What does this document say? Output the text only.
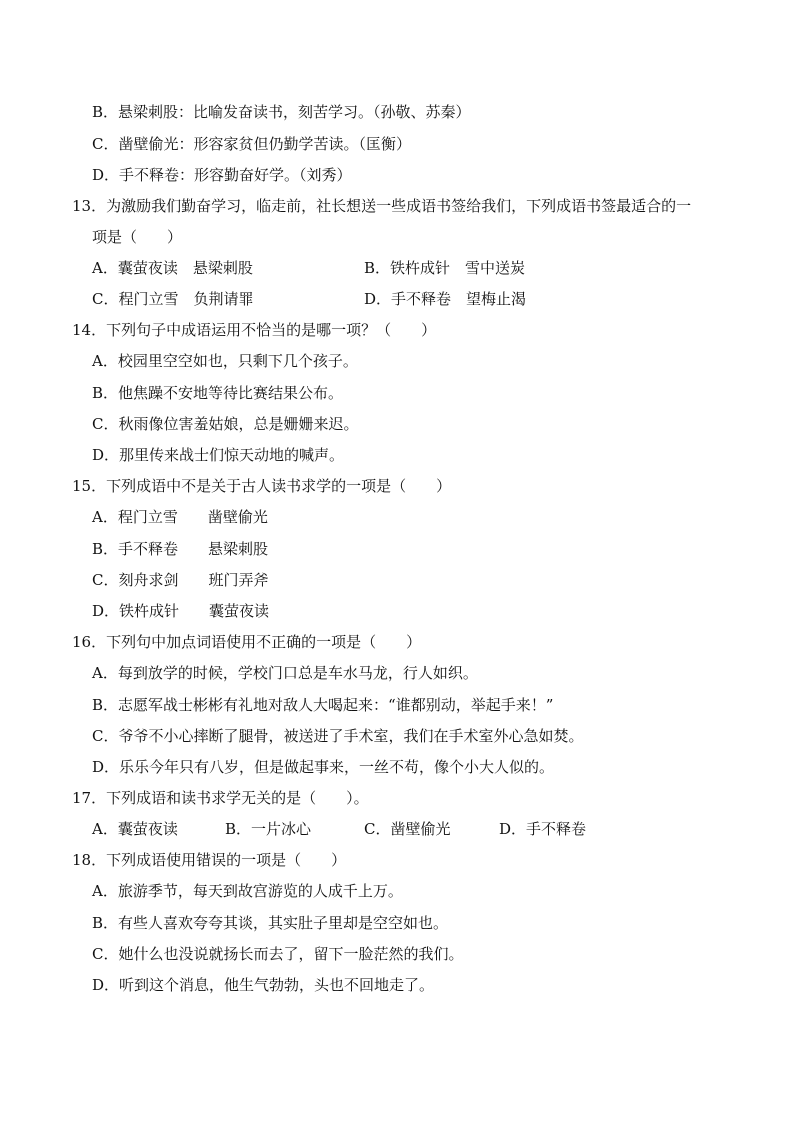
B．悬梁刺股：比喻发奋读书，刻苦学习。（孙敬、苏秦）
C．凿壁偷光：形容家贫但仍勤学苦读。（匡衡）
D．手不释卷：形容勤奋好学。（刘秀）
13．为激励我们勤奋学习，临走前，社长想送一些成语书签给我们，下列成语书签最适合的一
项是（　　）
A．囊萤夜读　悬梁刺股	B．铁杵成针　雪中送炭
C．程门立雪　负荆请罪	D．手不释卷　望梅止渴
14．下列句子中成语运用不恰当的是哪一项？（　　）
A．校园里空空如也，只剩下几个孩子。
B．他焦躁不安地等待比赛结果公布。
C．秋雨像位害羞姑娘，总是姗姗来迟。
D．那里传来战士们惊天动地的喊声。
15．下列成语中不是关于古人读书求学的一项是（　　）
A．程门立雪　　凿壁偷光
B．手不释卷　　悬梁刺股
C．刻舟求剑　　班门弄斧
D．铁杵成针　　囊萤夜读
16．下列句中加点词语使用不正确的一项是（　　）
A．每到放学的时候，学校门口总是车水马龙，行人如织。
B．志愿军战士彬彬有礼地对敌人大喝起来：“谁都别动，举起手来！”
C．爷爷不小心摔断了腿骨，被送进了手术室，我们在手术室外心急如焚。
D．乐乐今年只有八岁，但是做起事来，一丝不苟，像个小大人似的。
17．下列成语和读书求学无关的是（　　）。
A．囊萤夜读	B．一片冰心	C．凿壁偷光	D．手不释卷
18．下列成语使用错误的一项是（　　）
A．旅游季节，每天到故宫游览的人成千上万。
B．有些人喜欢夸夸其谈，其实肚子里却是空空如也。
C．她什么也没说就扬长而去了，留下一脸茫然的我们。
D．听到这个消息，他生气勃勃，头也不回地走了。
